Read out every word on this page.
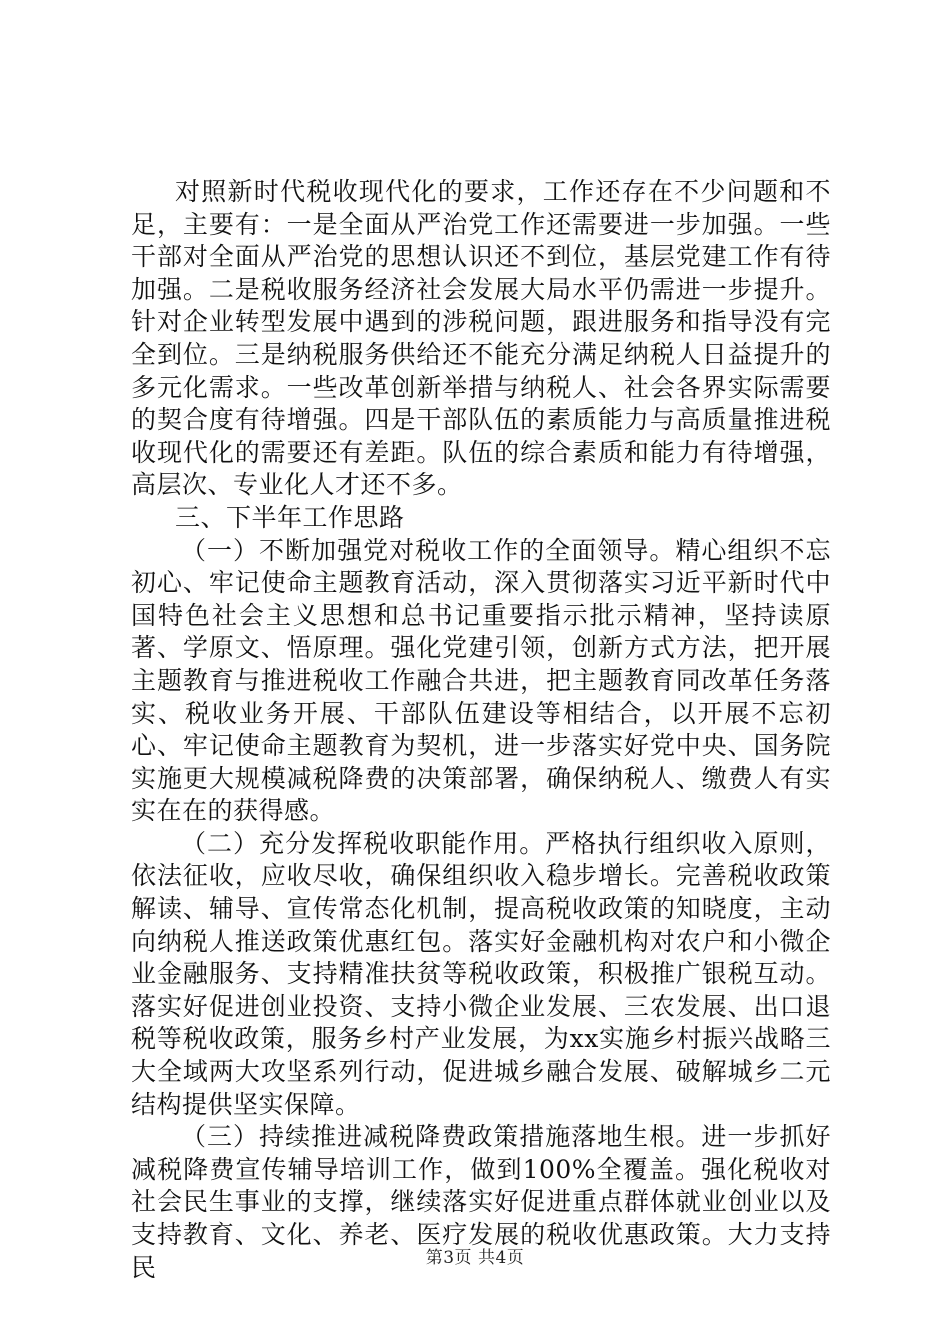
对照新时代税收现代化的要求，工作还存在不少问题和不足，主要有：一是全面从严治党工作还需要进一步加强。一些干部对全面从严治党的思想认识还不到位，基层党建工作有待加强。二是税收服务经济社会发展大局水平仍需进一步提升。针对企业转型发展中遇到的涉税问题，跟进服务和指导没有完全到位。三是纳税服务供给还不能充分满足纳税人日益提升的多元化需求。一些改革创新举措与纳税人、社会各界实际需要的契合度有待增强。四是干部队伍的素质能力与高质量推进税收现代化的需要还有差距。队伍的综合素质和能力有待增强，高层次、专业化人才还不多。

三、下半年工作思路

（一）不断加强党对税收工作的全面领导。精心组织不忘初心、牢记使命主题教育活动，深入贯彻落实习近平新时代中国特色社会主义思想和总书记重要指示批示精神，坚持读原著、学原文、悟原理。强化党建引领，创新方式方法，把开展主题教育与推进税收工作融合共进，把主题教育同改革任务落实、税收业务开展、干部队伍建设等相结合，以开展不忘初心、牢记使命主题教育为契机，进一步落实好党中央、国务院实施更大规模减税降费的决策部署，确保纳税人、缴费人有实实在在的获得感。

（二）充分发挥税收职能作用。严格执行组织收入原则，依法征收，应收尽收，确保组织收入稳步增长。完善税收政策解读、辅导、宣传常态化机制，提高税收政策的知晓度，主动向纳税人推送政策优惠红包。落实好金融机构对农户和小微企业金融服务、支持精准扶贫等税收政策，积极推广银税互动。落实好促进创业投资、支持小微企业发展、三农发展、出口退税等税收政策，服务乡村产业发展，为xx实施乡村振兴战略三大全域两大攻坚系列行动，促进城乡融合发展、破解城乡二元结构提供坚实保障。

（三）持续推进减税降费政策措施落地生根。进一步抓好减税降费宣传辅导培训工作，做到100%全覆盖。强化税收对社会民生事业的支撑，继续落实好促进重点群体就业创业以及支持教育、文化、养老、医疗发展的税收优惠政策。大力支持民	第3页 共4页
